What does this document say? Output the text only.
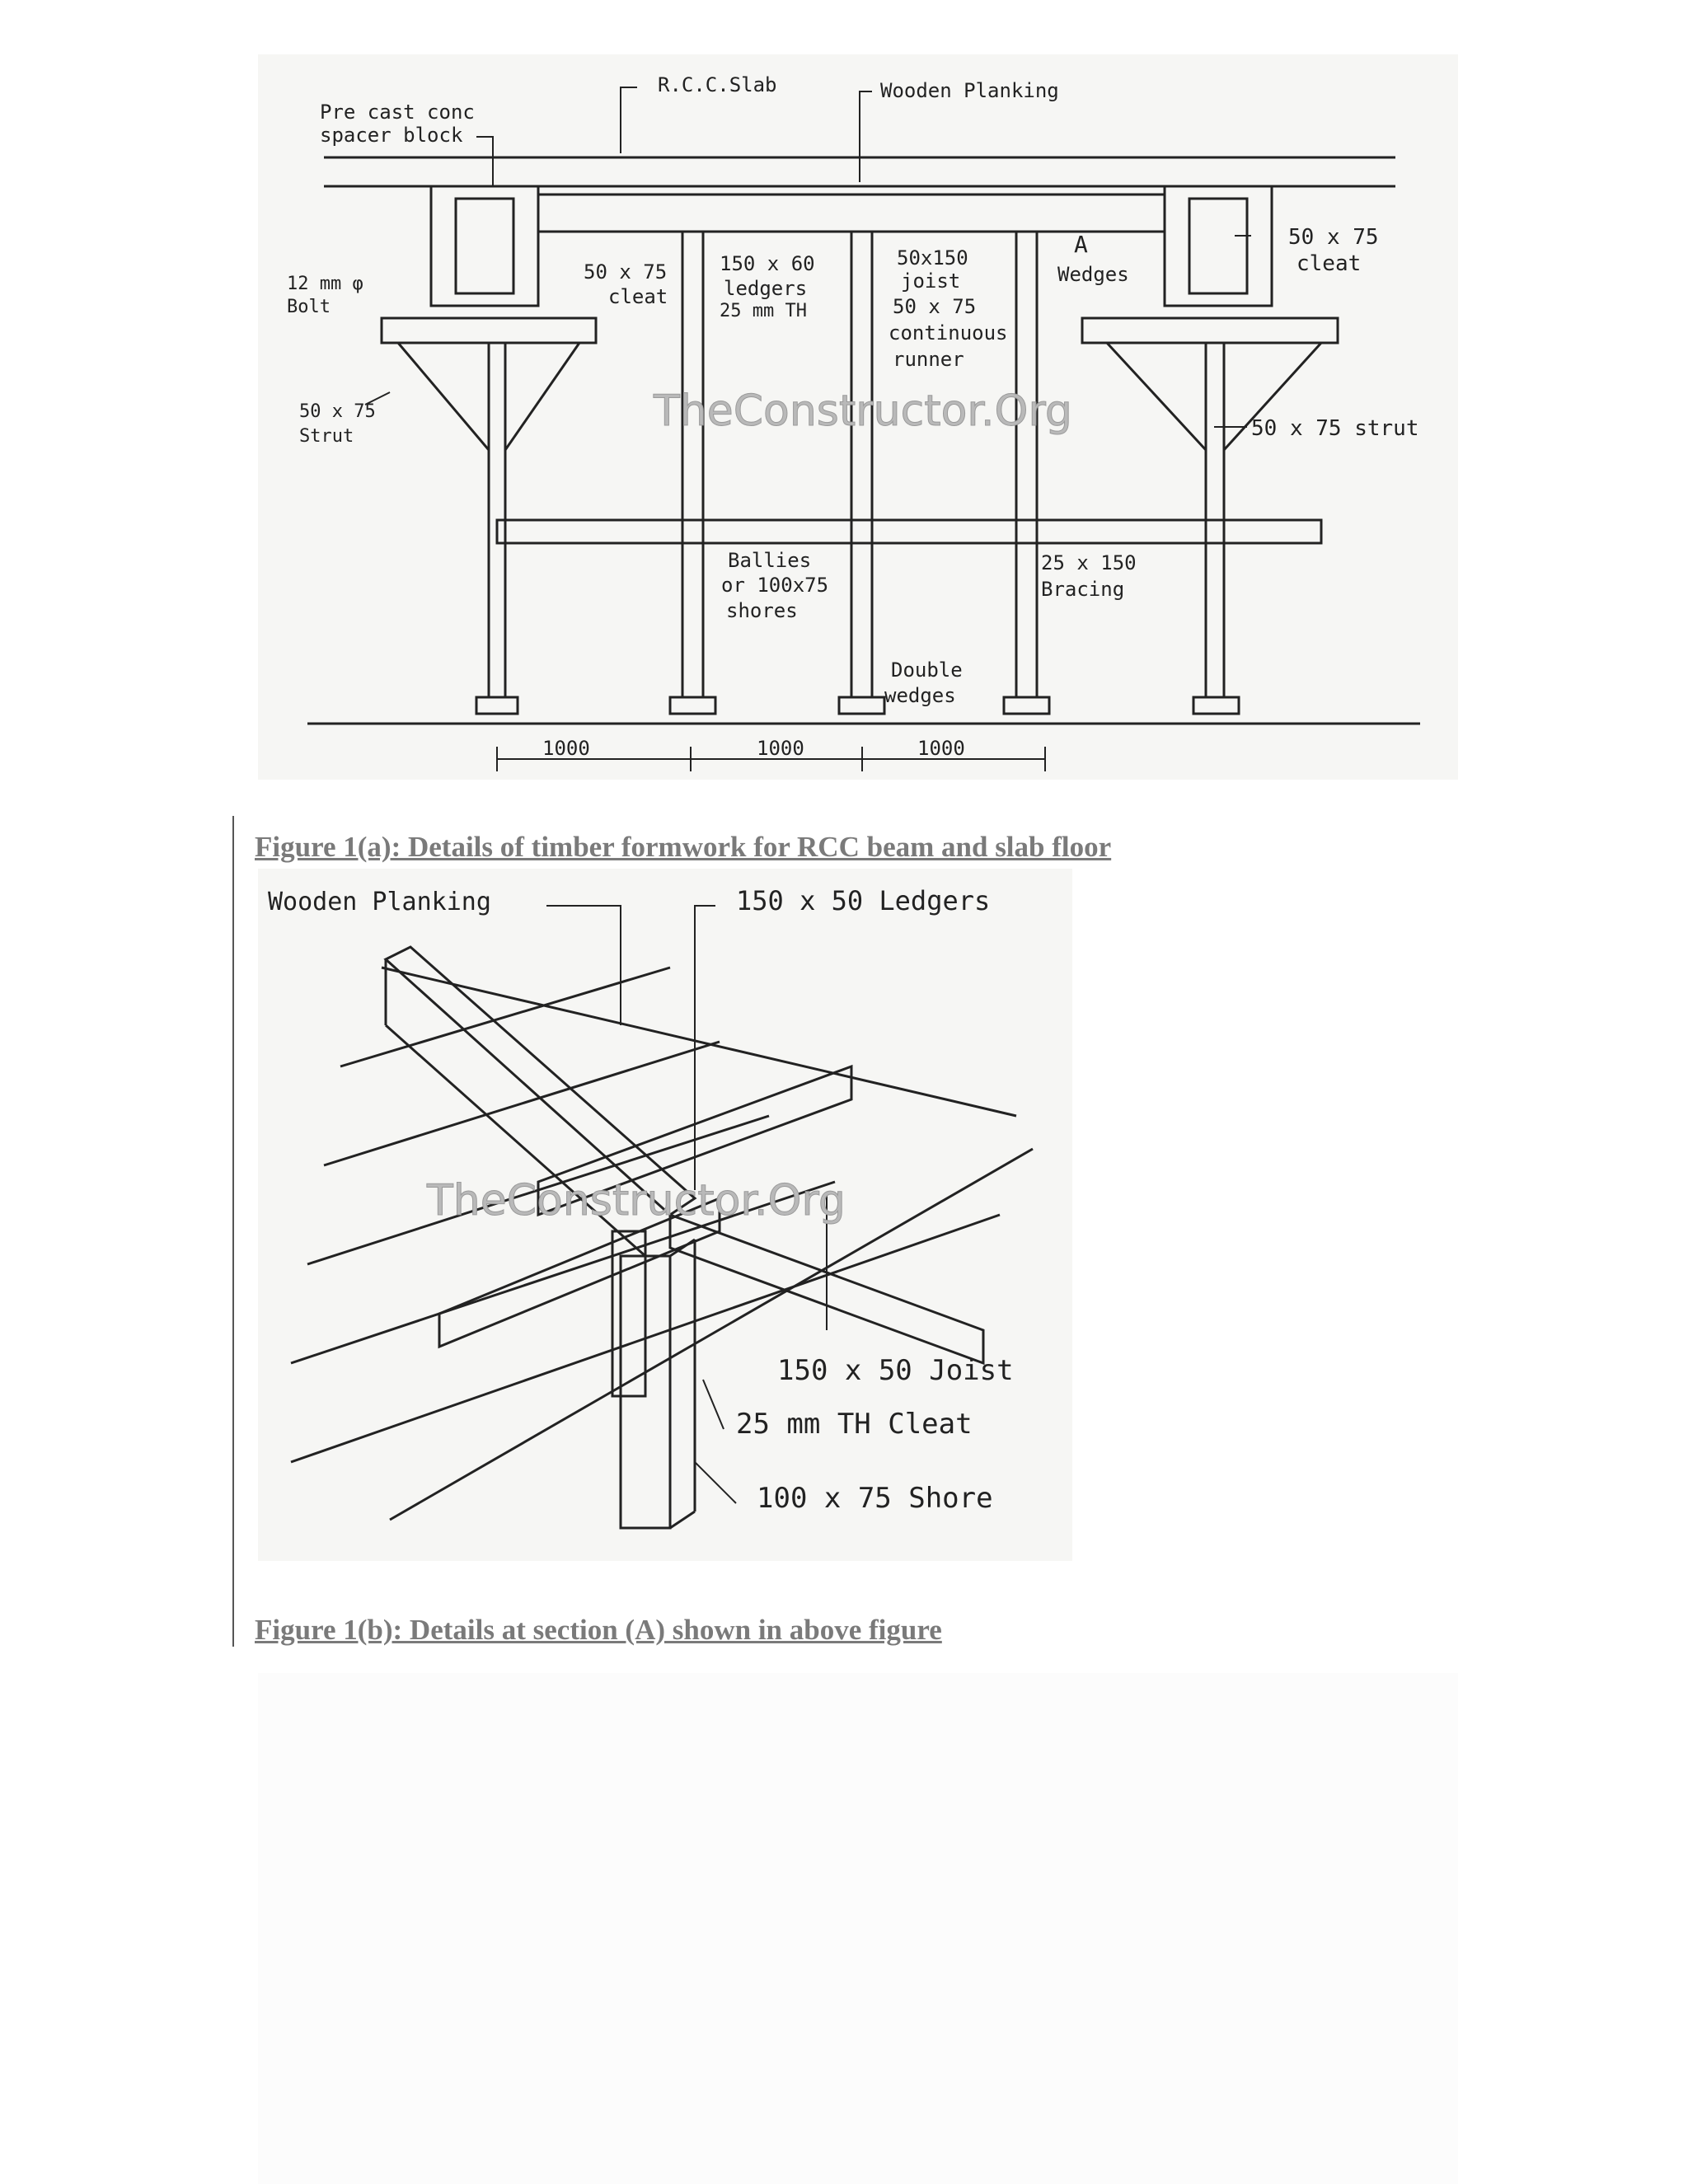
TheConstructor.Org
R.C.C.Slab	Wooden Planking
Pre cast conc
spacer block
12 mm φ
Bolt
50 x 75
cleat
150 x 60
ledgers
25 mm TH
50x150
joist
50 x 75
continuous
runner
A
Wedges
50 x 75
cleat
50 x 75
Strut	50 x 75 strut
Ballies
or 100x75
shores
25 x 150
Bracing
Double
wedges
1000	1000	1000
Figure 1(a): Details of timber formwork for RCC beam and slab floor
TheConstructor.Org
Wooden Planking	150 x 50 Ledgers
150 x 50 Joist
25 mm TH Cleat
100 x 75 Shore
Figure 1(b): Details at section (A) shown in above figure
